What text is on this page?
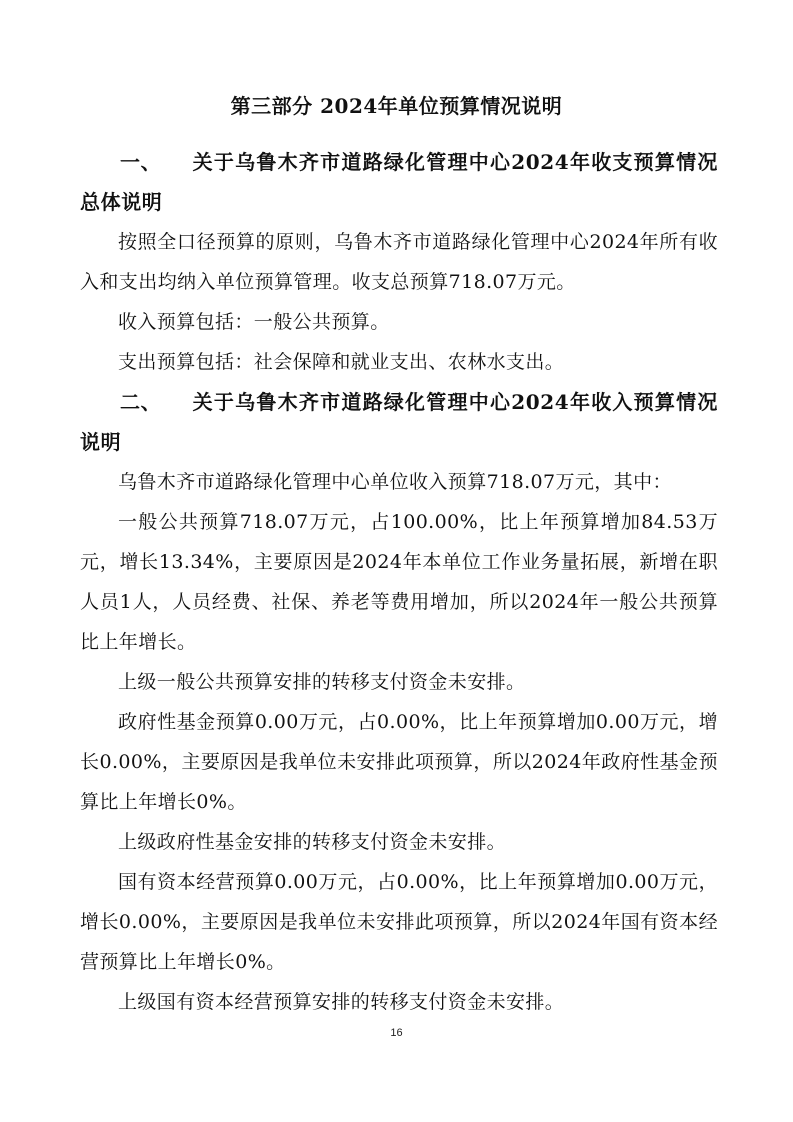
第三部分 2024年单位预算情况说明

一、 关于乌鲁木齐市道路绿化管理中心2024年收支预算情况总体说明

按照全口径预算的原则，乌鲁木齐市道路绿化管理中心2024年所有收入和支出均纳入单位预算管理。收支总预算718.07万元。

收入预算包括：一般公共预算。

支出预算包括：社会保障和就业支出、农林水支出。

二、 关于乌鲁木齐市道路绿化管理中心2024年收入预算情况说明

乌鲁木齐市道路绿化管理中心单位收入预算718.07万元，其中：

一般公共预算718.07万元，占100.00%，比上年预算增加84.53万元，增长13.34%，主要原因是2024年本单位工作业务量拓展，新增在职人员1人，人员经费、社保、养老等费用增加，所以2024年一般公共预算比上年增长。

上级一般公共预算安排的转移支付资金未安排。

政府性基金预算0.00万元，占0.00%，比上年预算增加0.00万元，增长0.00%，主要原因是我单位未安排此项预算，所以2024年政府性基金预算比上年增长0%。

上级政府性基金安排的转移支付资金未安排。

国有资本经营预算0.00万元，占0.00%，比上年预算增加0.00万元，增长0.00%，主要原因是我单位未安排此项预算，所以2024年国有资本经营预算比上年增长0%。

上级国有资本经营预算安排的转移支付资金未安排。

16
